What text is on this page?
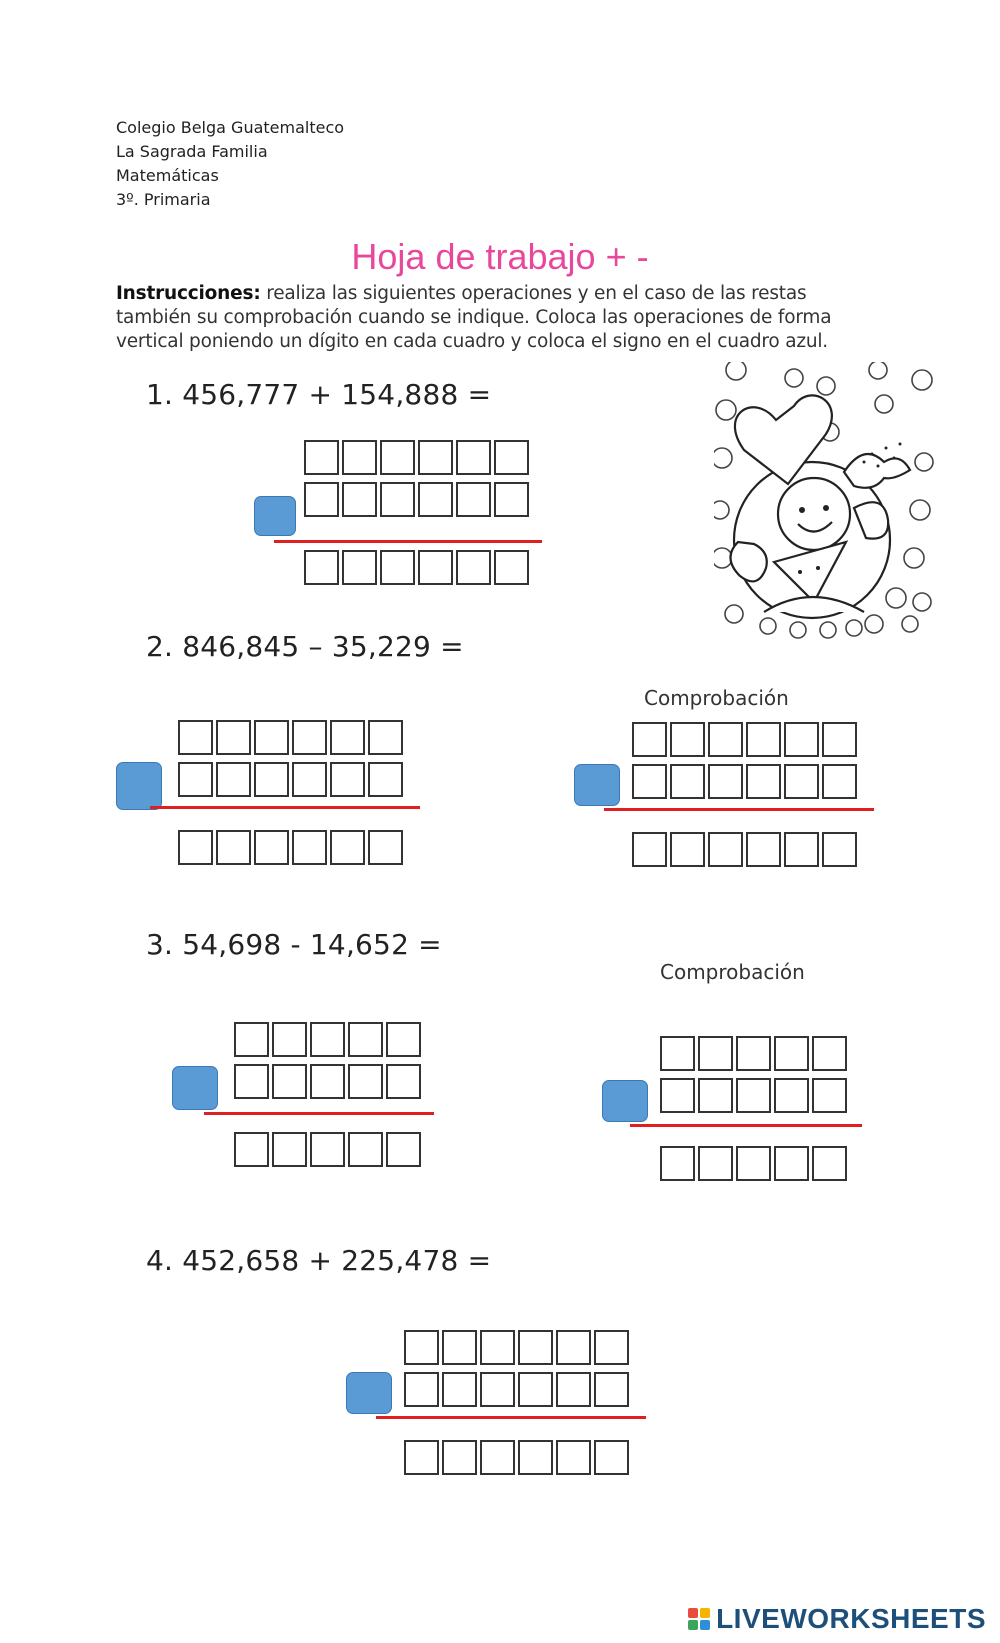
Colegio Belga Guatemalteco
La Sagrada Familia
Matemáticas
3º. Primaria
Hoja de trabajo + -
Instrucciones: realiza las siguientes operaciones y en el caso de las restas también su comprobación cuando se indique. Coloca las operaciones de forma vertical poniendo un dígito en cada cuadro y coloca el signo en el cuadro azul.
1. 456,777 + 154,888 =
2. 846,845 – 35,229 =
Comprobación
3. 54,698 - 14,652 =
Comprobación
4. 452,658 + 225,478 =
LIVEWORKSHEETS
